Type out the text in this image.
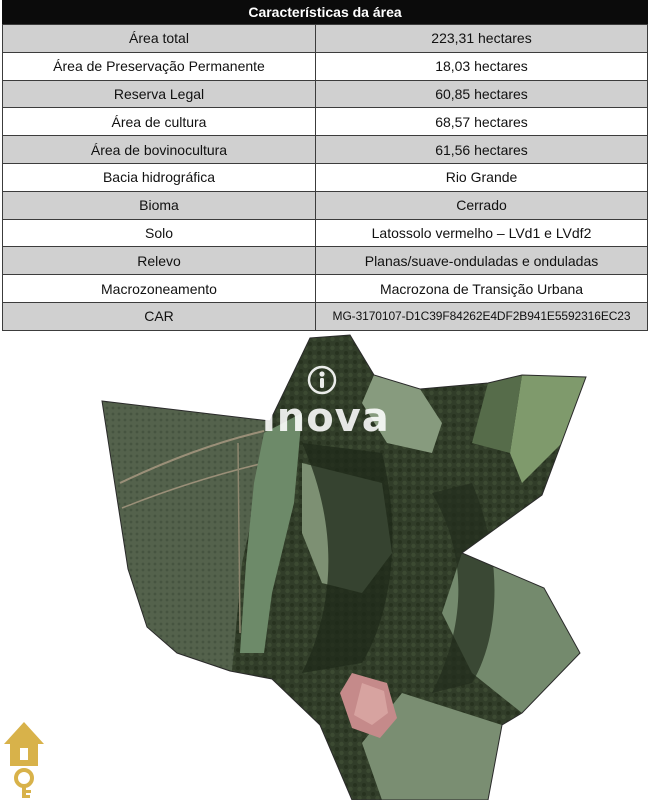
Características da área
Área total	223,31 hectares
Área de Preservação Permanente	18,03 hectares
Reserva Legal	60,85 hectares
Área de cultura	68,57 hectares
Área de bovinocultura	61,56 hectares
Bacia hidrográfica	Rio Grande
Bioma	Cerrado
Solo	Latossolo vermelho – LVd1 e LVdf2
Relevo	Planas/suave-onduladas e onduladas
Macrozoneamento	Macrozona de Transição Urbana
CAR	MG-3170107-D1C39F84262E4DF2B941E5592316EC23
inova
